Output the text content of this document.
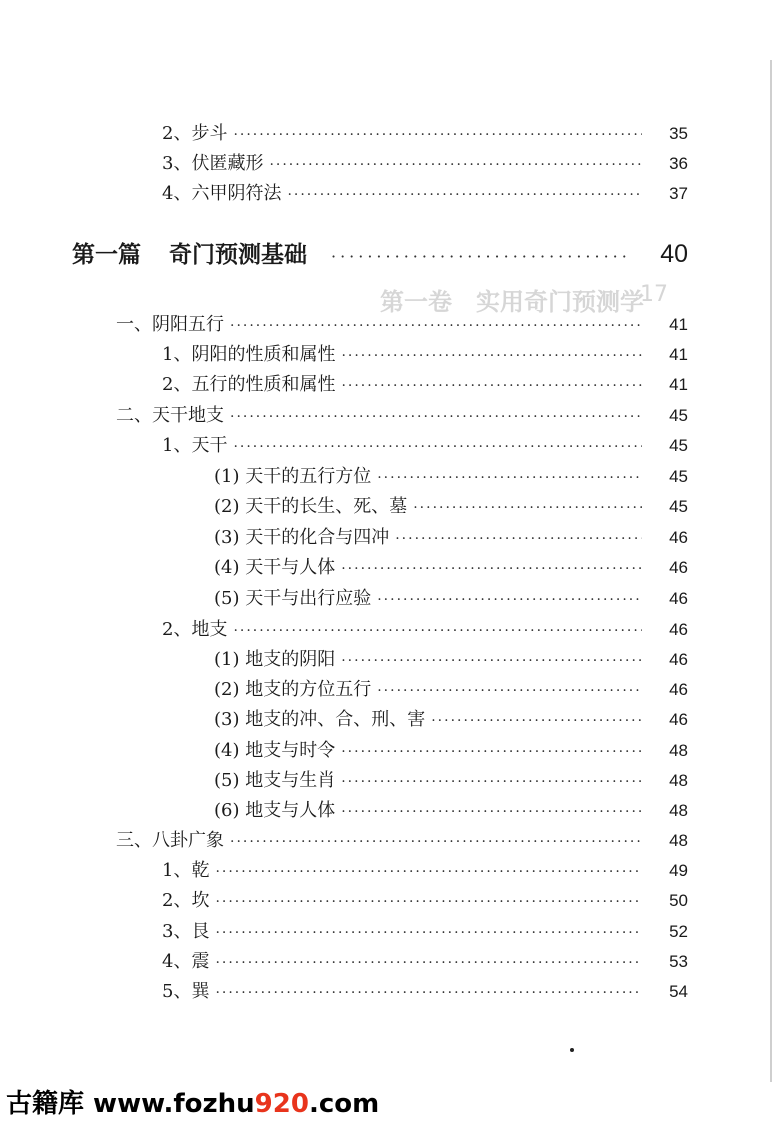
第一卷　实用奇门预测学
17
2、步斗 ·····	35
3、伏匿藏形 ·····	36
4、六甲阴符法 ·····	37
第一篇 奇门预测基础 ·····	40
一、阴阳五行 ·····	41
1、阴阳的性质和属性 ·····	41
2、五行的性质和属性 ·····	41
二、天干地支 ·····	45
1、天干 ·····	45
(1) 天干的五行方位 ·····	45
(2) 天干的长生、死、墓 ·····	45
(3) 天干的化合与四冲 ·····	46
(4) 天干与人体 ·····	46
(5) 天干与出行应验 ·····	46
2、地支 ·····	46
(1) 地支的阴阳 ·····	46
(2) 地支的方位五行 ·····	46
(3) 地支的冲、合、刑、害 ·····	46
(4) 地支与时令 ·····	48
(5) 地支与生肖 ·····	48
(6) 地支与人体 ·····	48
三、八卦广象 ·····	48
1、乾 ·····	49
2、坎 ·····	50
3、艮 ·····	52
4、震 ·····	53
5、巽 ·····	54
古籍库 www.fozhu920.com
